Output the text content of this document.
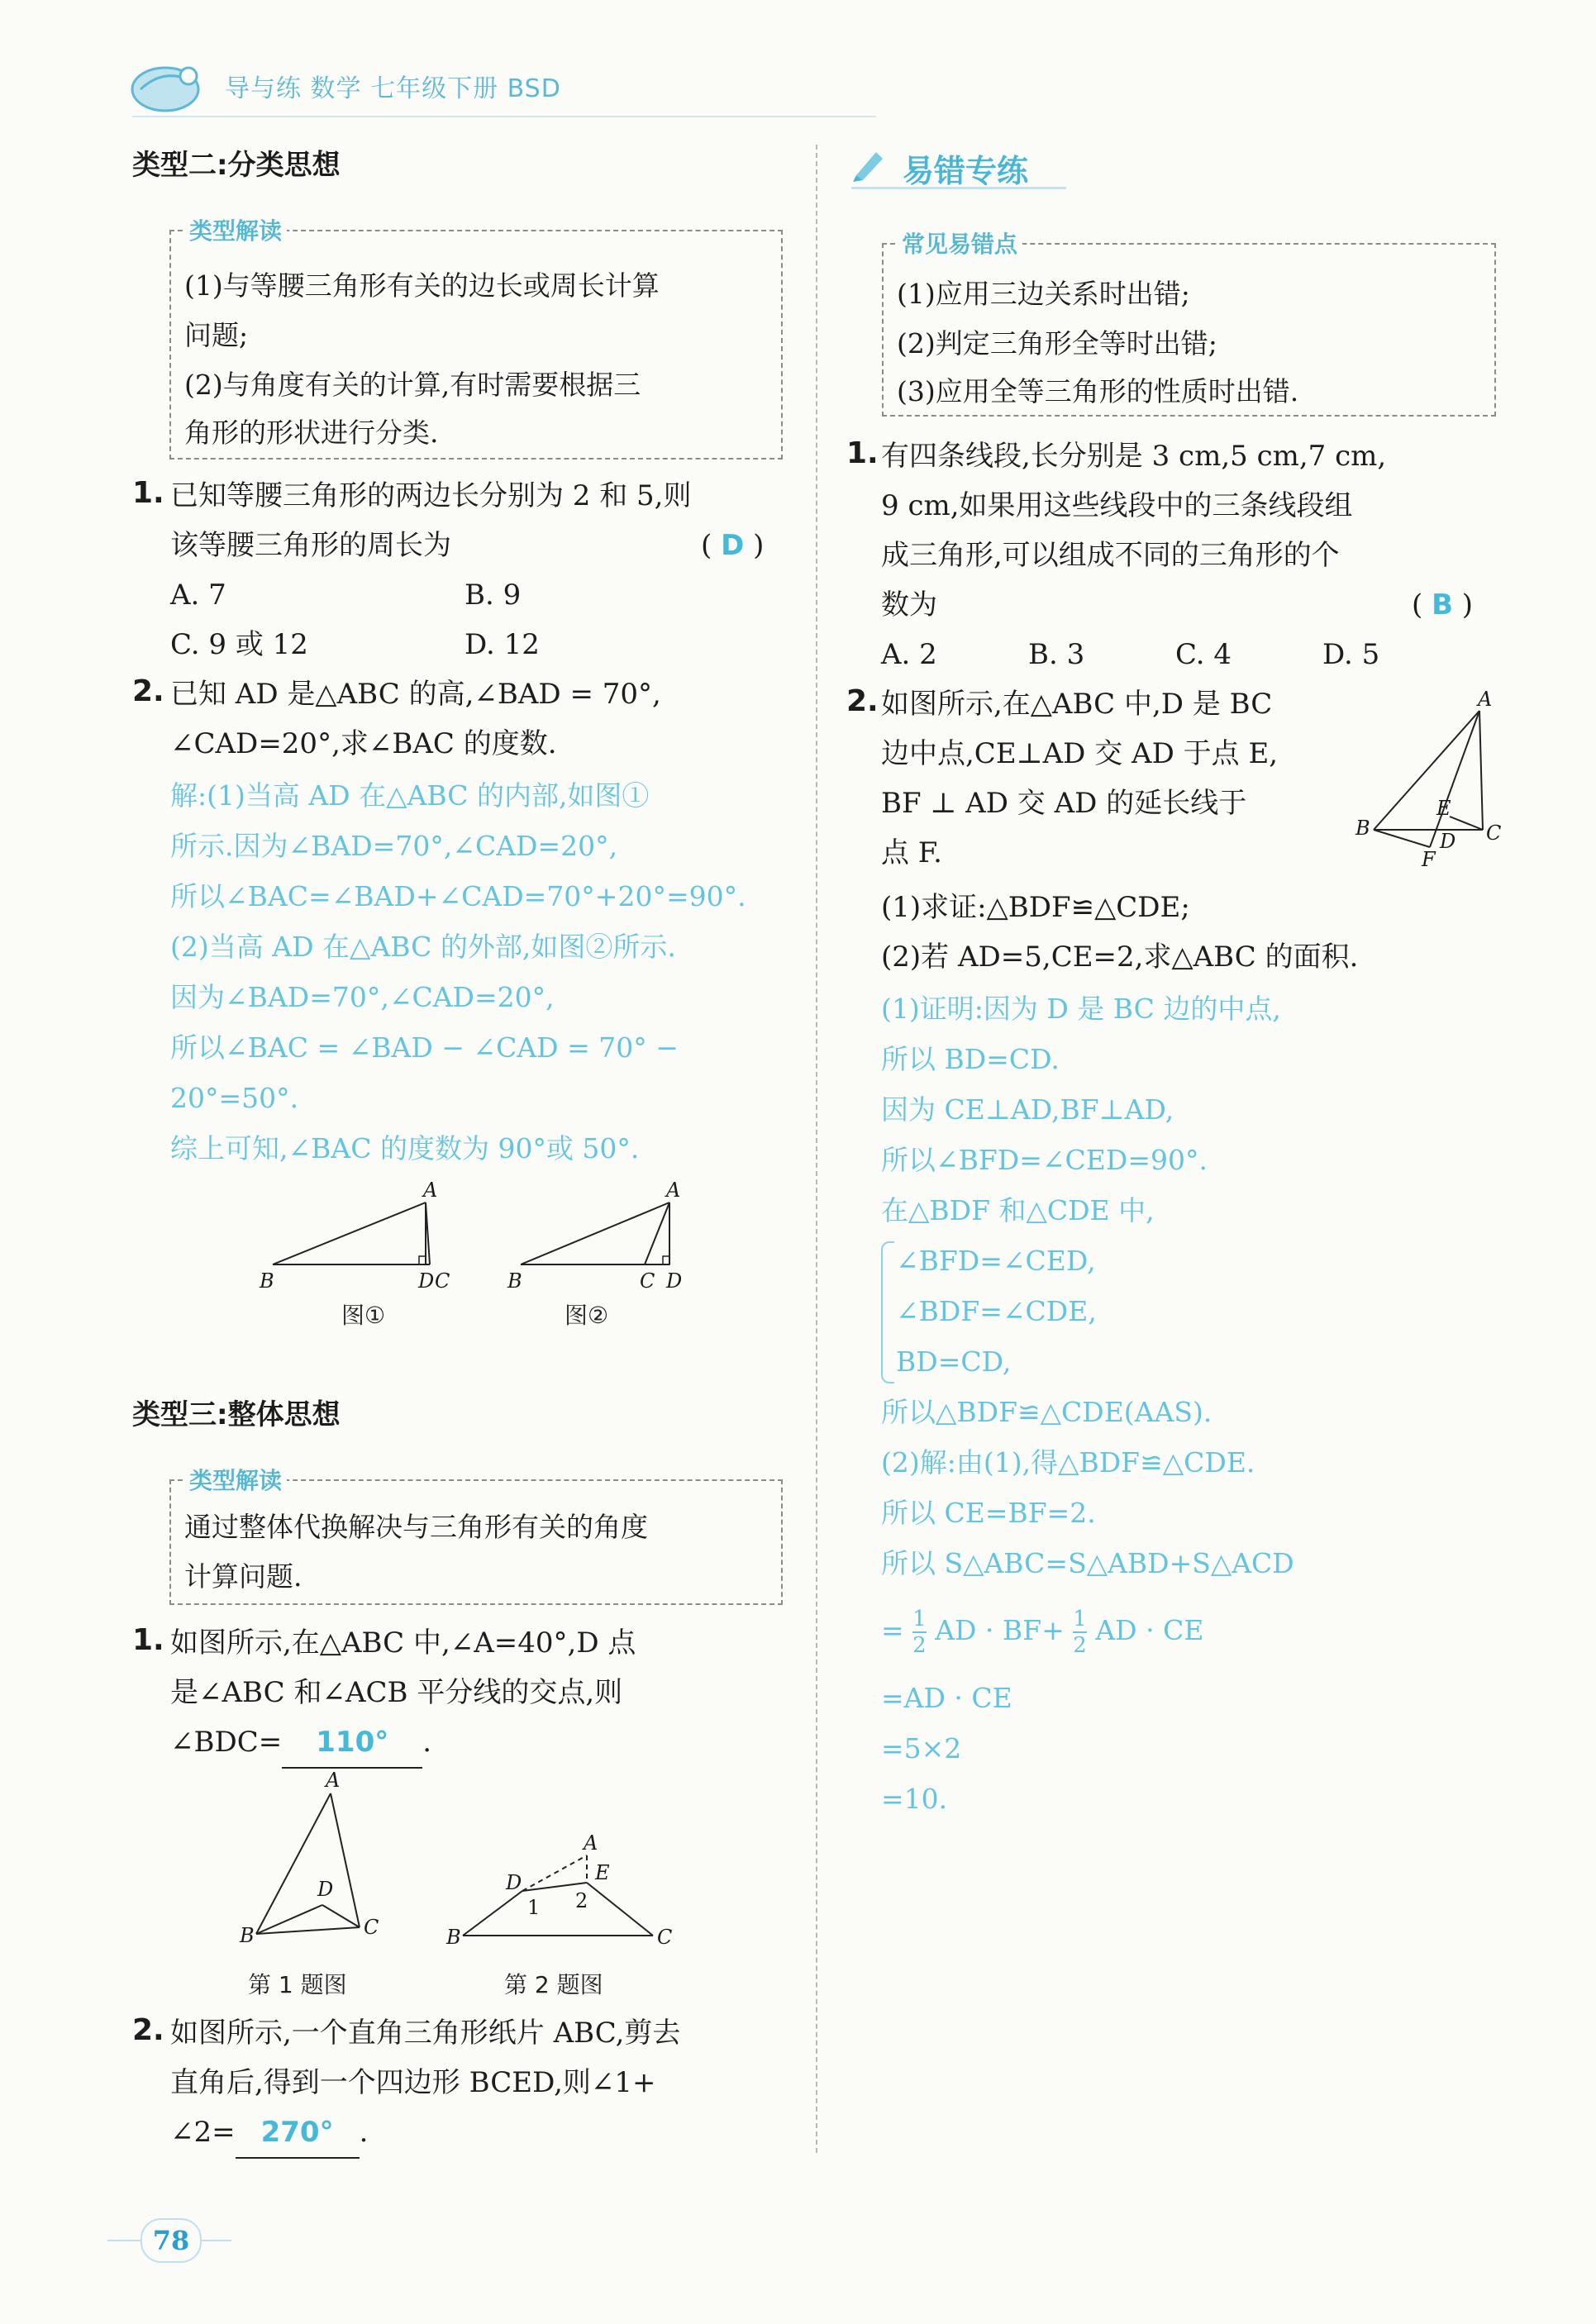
导与练 数学 七年级下册 BSD
类型二:分类思想
类型解读
(1)与等腰三角形有关的边长或周长计算
问题;
(2)与角度有关的计算,有时需要根据三
角形的形状进行分类.
1. 已知等腰三角形的两边长分别为 2 和 5,则
该等腰三角形的周长为	( D )
A. 7	B. 9
C. 9 或 12	D. 12
2. 已知 AD 是△ABC 的高,∠BAD = 70°,
∠CAD=20°,求∠BAC 的度数.
解:(1)当高 AD 在△ABC 的内部,如图①
所示.因为∠BAD=70°,∠CAD=20°,
所以∠BAC=∠BAD+∠CAD=70°+20°=90°.
(2)当高 AD 在△ABC 的外部,如图②所示.
因为∠BAD=70°,∠CAD=20°,
所以∠BAC = ∠BAD − ∠CAD = 70° −
20°=50°.
综上可知,∠BAC 的度数为 90°或 50°.
A
B	D C
A
B	C D
图①	图②
类型三:整体思想
类型解读
通过整体代换解决与三角形有关的角度
计算问题.
1. 如图所示,在△ABC 中,∠A=40°,D 点
是∠ABC 和∠ACB 平分线的交点,则
∠BDC= 110° .
A
B
D
C
A
B
D	E
C
1 2
第 1 题图	第 2 题图
2. 如图所示,一个直角三角形纸片 ABC,剪去
直角后,得到一个四边形 BCED,则∠1+
∠2= 270° .
78
易错专练
常见易错点
(1)应用三边关系时出错;
(2)判定三角形全等时出错;
(3)应用全等三角形的性质时出错.
1. 有四条线段,长分别是 3 cm,5 cm,7 cm,
9 cm,如果用这些线段中的三条线段组
成三角形,可以组成不同的三角形的个
数为	( B )
A. 2	B. 3	C. 4	D. 5
2. 如图所示,在△ABC 中,D 是 BC
边中点,CE⊥AD 交 AD 于点 E,
BF ⊥ AD 交 AD 的延长线于
点 F.
A
B	C
D
E
F
(1)求证:△BDF≌△CDE;
(2)若 AD=5,CE=2,求△ABC 的面积.
(1)证明:因为 D 是 BC 边的中点,
所以 BD=CD.
因为 CE⊥AD,BF⊥AD,
所以∠BFD=∠CED=90°.
在△BDF 和△CDE 中,
∠BFD=∠CED,
∠BDF=∠CDE,
BD=CD,
所以△BDF≌△CDE(AAS).
(2)解:由(1),得△BDF≌△CDE.
所以 CE=BF=2.
所以 S△ABC=S△ABD+S△ACD
= $\frac{1}{2}$ AD · $BF+ \frac{1}{2}$ AD · CE
=AD · CE
=5×2
=10.
